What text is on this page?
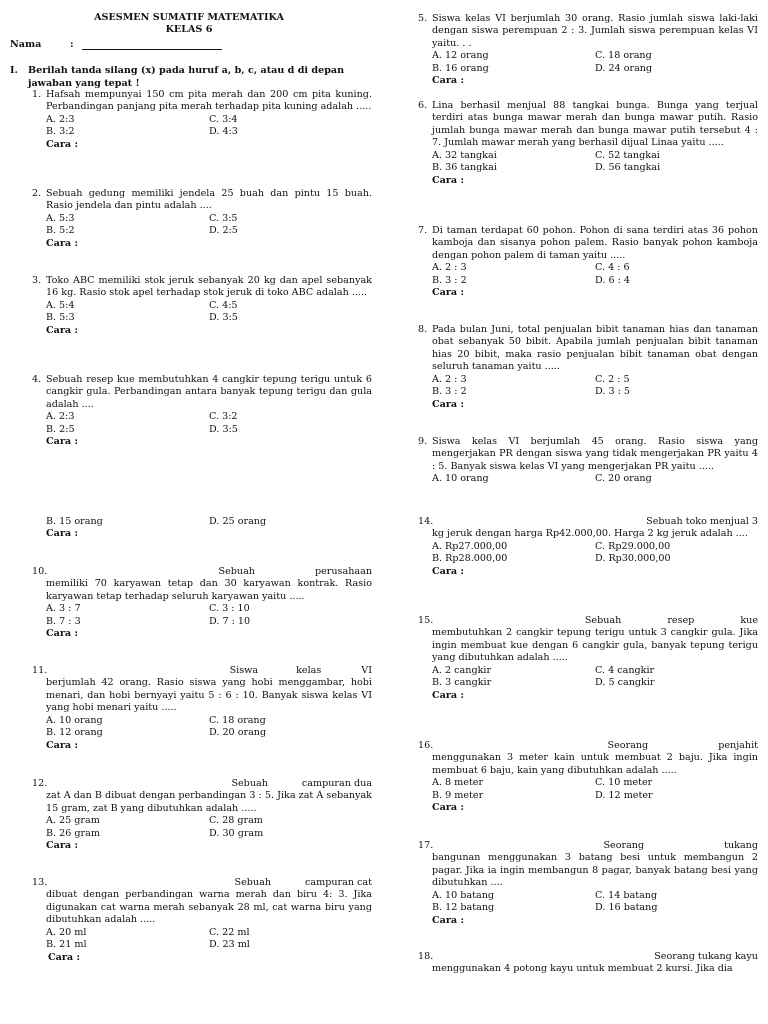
ASESMEN SUMATIF MATEMATIKA
KELAS 6
Nama	:
I. Berilah tanda silang (x) pada huruf a, b, c, atau d di depan
jawaban yang tepat !
1. Hafsah mempunyai 150 cm pita merah dan 200 cm pita kuning. Perbandingan panjang pita merah terhadap pita kuning adalah .....
A. 2:3	C. 3:4
B. 3:2	D. 4:3
Cara :
2. Sebuah gedung memiliki jendela 25 buah dan pintu 15 buah. Rasio jendela dan pintu adalah ....
A. 5:3	C. 3:5
B. 5:2	D. 2:5
Cara :
3. Toko ABC memiliki stok jeruk sebanyak 20 kg dan apel sebanyak 16 kg. Rasio stok apel terhadap stok jeruk di toko ABC adalah .....
A. 5:4	C. 4:5
B. 5:3	D. 3:5
Cara :
4. Sebuah resep kue membutuhkan 4 cangkir tepung terigu untuk 6 cangkir gula. Perbandingan antara banyak tepung terigu dan gula adalah ....
A. 2:3	C. 3:2
B. 2:5	D. 3:5
Cara :
B. 15 orang	D. 25 orang
Cara :
10.	Sebuah	perusahaan
memiliki 70 karyawan tetap dan 30 karyawan kontrak. Rasio karyawan tetap terhadap seluruh karyawan yaitu .....
A. 3 : 7	C. 3 : 10
B. 7 : 3	D. 7 : 10
Cara :
11.	Siswa	kelas	VI
berjumlah 42 orang. Rasio siswa yang hobi menggambar, hobi menari, dan hobi bernyayi yaitu 5 : 6 : 10. Banyak siswa kelas VI yang hobi menari yaitu .....
A. 10 orang	C. 18 orang
B. 12 orang	D. 20 orang
Cara :
12.	Sebuah	campuran dua
zat A dan B dibuat dengan perbandingan 3 : 5. Jika zat A sebanyak 15 gram, zat B yang dibutuhkan adalah .....
A. 25 gram	C. 28 gram
B. 26 gram	D. 30 gram
Cara :
13.	Sebuah	campuran cat
dibuat dengan perbandingan warna merah dan biru 4: 3. Jika digunakan cat warna merah sebanyak 28 ml, cat warna biru yang dibutuhkan adalah .....
A. 20 ml	C. 22 ml
B. 21 ml	D. 23 ml
Cara :
5. Siswa kelas VI berjumlah 30 orang. Rasio jumlah siswa laki-laki dengan siswa perempuan 2 : 3. Jumlah siswa perempuan kelas VI yaitu. . .
A. 12 orang	C. 18 orang
B. 16 orang	D. 24 orang
Cara :
6. Lina berhasil menjual 88 tangkai bunga. Bunga yang terjual terdiri atas bunga mawar merah dan bunga mawar putih. Rasio jumlah bunga mawar merah dan bunga mawar putih tersebut 4 : 7. Jumlah mawar merah yang berhasil dijual Linaa yaitu .....
A. 32 tangkai	C. 52 tangkai
B. 36 tangkai	D. 56 tangkai
Cara :
7. Di taman terdapat 60 pohon. Pohon di sana terdiri atas 36 pohon kamboja dan sisanya pohon palem. Rasio banyak pohon kamboja dengan pohon palem di taman yaitu .....
A. 2 : 3	C. 4 : 6
B. 3 : 2	D. 6 : 4
Cara :
8. Pada bulan Juni, total penjualan bibit tanaman hias dan tanaman obat sebanyak 50 bibit. Apabila jumlah penjualan bibit tanaman hias 20 bibit, maka rasio penjualan bibit tanaman obat dengan seluruh tanaman yaitu .....
A. 2 : 3	C. 2 : 5
B. 3 : 2	D. 3 : 5
Cara :
9. Siswa kelas VI berjumlah 45 orang. Rasio siswa yang mengerjakan PR dengan siswa yang tidak mengerjakan PR yaitu 4 : 5. Banyak siswa kelas VI yang mengerjakan PR yaitu .....
A. 10 orang	C. 20 orang
14.	Sebuah toko menjual 3
kg jeruk dengan harga Rp42.000,00. Harga 2 kg jeruk adalah ....
A. Rp27.000,00	C. Rp29.000,00
B. Rp28.000,00	D. Rp30.000,00
Cara :
15.	Sebuah	resep	kue
membutuhkan 2 cangkir tepung terigu untuk 3 cangkir gula. Jika ingin membuat kue dengan 6 cangkir gula, banyak tepung terigu yang dibutuhkan adalah .....
A. 2 cangkir	C. 4 cangkir
B. 3 cangkir	D. 5 cangkir
Cara :
16.	Seorang	penjahit
menggunakan 3 meter kain untuk membuat 2 baju. Jika ingin membuat 6 baju, kain yang dibutuhkan adalah .....
A. 8 meter	C. 10 meter
B. 9 meter	D. 12 meter
Cara :
17.	Seorang	tukang
bangunan menggunakan 3 batang besi untuk membangun 2 pagar. Jika ia ingin membangun 8 pagar, banyak batang besi yang dibutuhkan ....
A. 10 batang	C. 14 batang
B. 12 batang	D. 16 batang
Cara :
18.	Seorang tukang kayu
menggunakan 4 potong kayu untuk membuat 2 kursi. Jika dia
